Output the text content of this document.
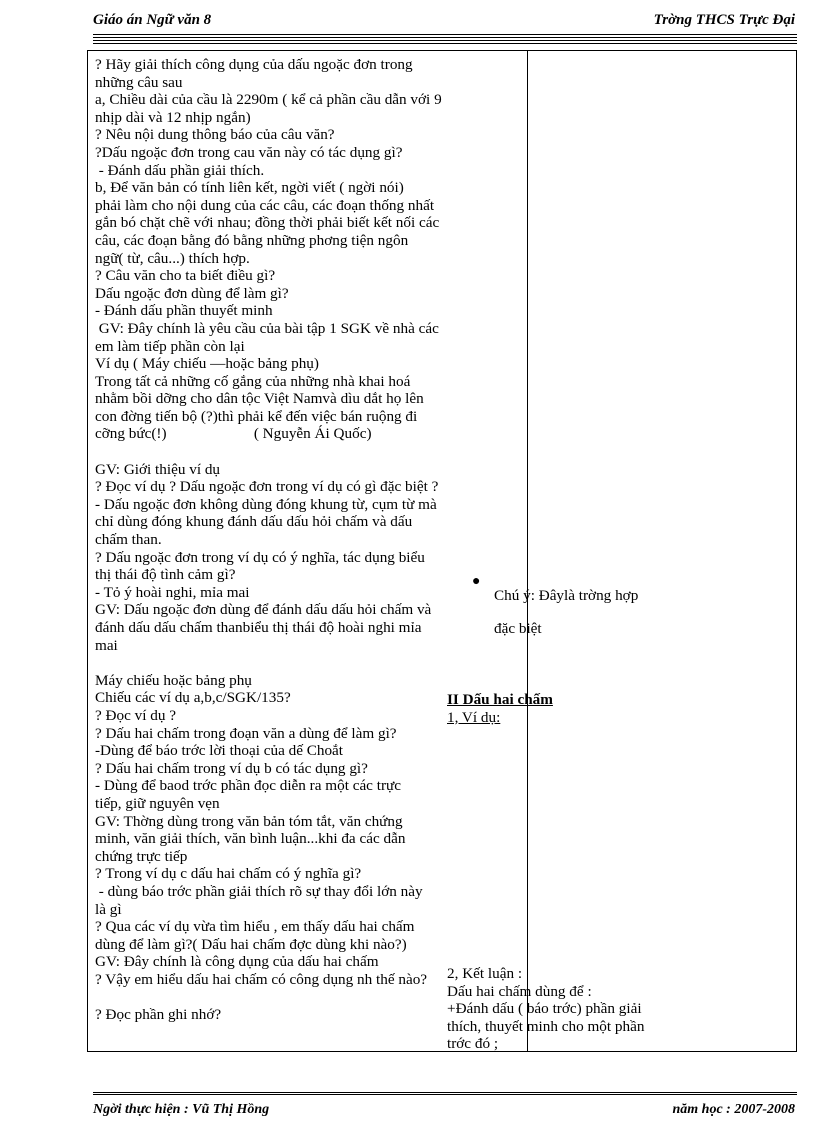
Giáo án Ngữ văn 8	Trờng THCS Trực Đại

? Hãy giải thích công dụng của dấu ngoặc đơn trong

những câu sau

a, Chiều dài của cầu là 2290m ( kể cả phần cầu dẫn với 9

nhịp dài và 12 nhịp ngắn)

? Nêu nội dung thông báo của câu văn?

?Dấu ngoặc đơn trong cau văn này có tác dụng gì?

- Đánh dấu phần giải thích.

b, Để văn bản có tính liên kết, ngời viết ( ngời nói)

phải làm cho nội dung của các câu, các đoạn thống nhất

gắn bó chặt chẽ với nhau; đồng thời phải biết kết nối các

câu, các đoạn bằng đó bằng những phơng tiện ngôn

ngữ( từ, câu...) thích hợp.

? Câu văn cho ta biết điều gì?

Dấu ngoặc đơn dùng để làm gì?

- Đánh dấu phần thuyết minh

GV: Đây chính là yêu cầu của bài tập 1 SGK về nhà các

em làm tiếp phần còn lại

Ví dụ ( Máy chiếu —hoặc bảng phụ)

Trong tất cả những cố gắng của những nhà khai hoá

nhằm bồi dỡng cho dân tộc Việt Namvà dìu dắt họ lên

con đờng tiến bộ (?)thì phải kể đến việc bán ruộng đi

cỡng bức(!)                       ( Nguyễn Ái Quốc)

GV: Giới thiệu ví dụ

? Đọc ví dụ ? Dấu ngoặc đơn trong ví dụ có gì đặc biệt ?

- Dấu ngoặc đơn không dùng đóng khung từ, cụm từ mà

chỉ dùng đóng khung đánh dấu dấu hỏi chấm và dấu

chấm than.

? Dấu ngoặc đơn trong ví dụ có ý nghĩa, tác dụng biểu

thị thái độ tình cảm gì?

- Tỏ ý hoài nghi, mỉa mai

GV: Dấu ngoặc đơn dùng để đánh dấu dấu hỏi chấm và

đánh dấu dấu chấm thanbiểu thị thái độ hoài nghi mỉa

mai

Máy chiếu hoặc bảng phụ

Chiếu các ví dụ a,b,c/SGK/135?

? Đọc ví dụ ?

? Dấu hai chấm trong đoạn văn a dùng để làm gì?

-Dùng để báo trớc lời thoại của dế Choắt

? Dấu hai chấm trong ví dụ b có tác dụng gì?

- Dùng để baod trớc phần đọc diễn ra một các trực

tiếp, giữ nguyên vẹn

GV: Thờng dùng trong văn bản tóm tắt, văn chứng

minh, văn giải thích, văn bình luận...khi đa các dẫn

chứng trực tiếp

? Trong ví dụ c dấu hai chấm có ý nghĩa gì?

- dùng báo trớc phần giải thích rõ sự thay đổi lớn này

là gì

? Qua các ví dụ vừa tìm hiểu , em thấy dấu hai chấm

dùng để làm gì?( Dấu hai chấm đợc dùng khi nào?)

GV: Đây chính là công dụng của dấu hai chấm

? Vậy em hiểu dấu hai chấm có công dụng nh thế nào?

? Đọc phần ghi nhớ?

●

Chú ý: Đâylà trờng hợp

đặc biệt

II Dấu hai chấm

1, Ví dụ:

2, Kết luận :

Dấu hai chấm dùng để :

+Đánh dấu ( báo trớc) phần giải

thích, thuyết minh cho một phần

trớc đó ;

Ngời thực hiện : Vũ Thị Hồng	năm học : 2007-2008
